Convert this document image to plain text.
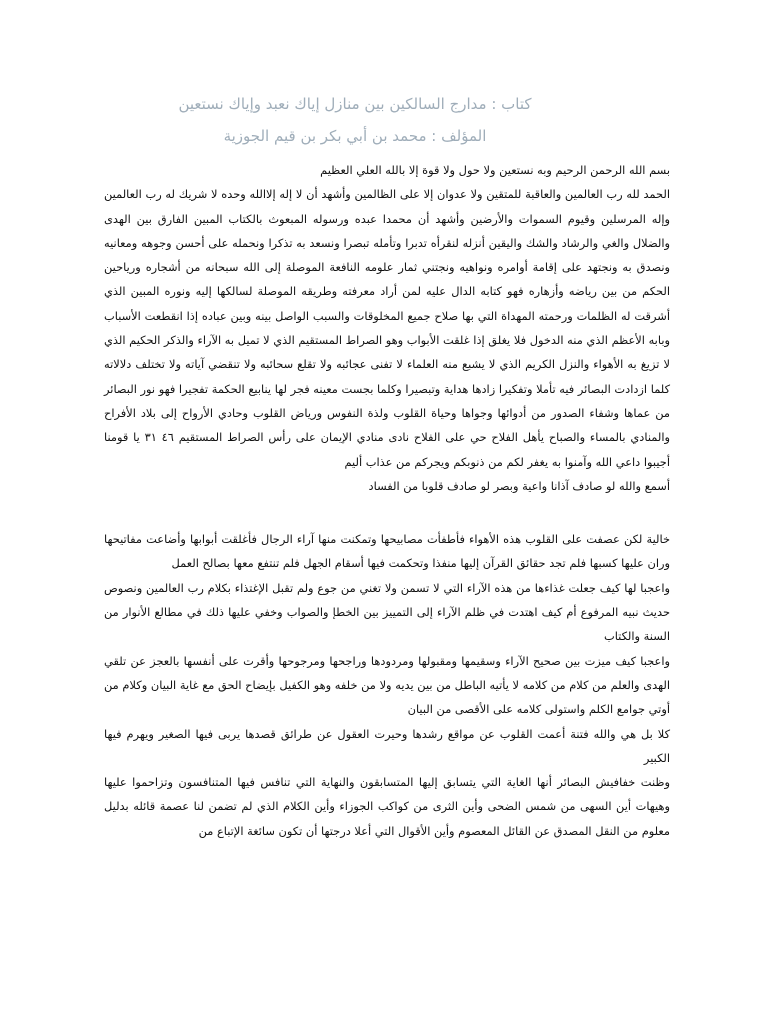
كتاب : مدارج السالكين بين منازل إياك نعبد وإياك نستعين
المؤلف : محمد بن أبي بكر بن قيم الجوزية

بسم الله الرحمن الرحيم وبه نستعين ولا حول ولا قوة إلا بالله العلي العظيم

الحمد لله رب العالمين والعاقبة للمتقين ولا عدوان إلا على الظالمين وأشهد أن لا إله إلاالله وحده لا شريك له رب العالمين وإله المرسلين وقيوم السموات والأرضين وأشهد أن محمدا عبده ورسوله المبعوث بالكتاب المبين الفارق بين الهدى والضلال والغي والرشاد والشك واليقين أنزله لنقرأه تدبرا وتأمله تبصرا ونسعد به تذكرا ونحمله على أحسن وجوهه ومعانيه ونصدق به ونجتهد على إقامة أوامره ونواهيه ونجتني ثمار علومه النافعة الموصلة إلى الله سبحانه من أشجاره ورياحين الحكم من بين رياضه وأزهاره فهو كتابه الدال عليه لمن أراد معرفته وطريقه الموصلة لسالكها إليه ونوره المبين الذي أشرقت له الظلمات ورحمته المهداة التي بها صلاح جميع المخلوقات والسبب الواصل بينه وبين عباده إذا انقطعت الأسباب وبابه الأعظم الذي منه الدخول فلا يغلق إذا غلقت الأبواب وهو الصراط المستقيم الذي لا تميل به الآراء والذكر الحكيم الذي لا تزيغ به الأهواء والنزل الكريم الذي لا يشبع منه العلماء لا تفنى عجائبه ولا تقلع سحائبه ولا تنقضي آياته ولا تختلف دلالاته كلما ازدادت البصائر فيه تأملا وتفكيرا زادها هداية وتبصيرا وكلما بجست معينه فجر لها ينابيع الحكمة تفجيرا فهو نور البصائر من عماها وشفاء الصدور من أدوائها وجواها وحياة القلوب ولذة النفوس ورياض القلوب وحادي الأرواح إلى بلاد الأفراح والمنادي بالمساء والصباح يأهل الفلاح حي على الفلاح نادى منادي الإيمان على رأس الصراط المستقيم ٤٦ ٣١ يا قومنا أجيبوا داعي الله وآمنوا به يغفر لكم من ذنوبكم ويجركم من عذاب أليم

أسمع والله لو صادف آذانا واعية وبصر لو صادف قلوبا من الفساد

خالية لكن عصفت على القلوب هذه الأهواء فأطفأت مصابيحها وتمكنت منها آراء الرجال فأغلقت أبوابها وأضاعت مفاتيحها وران عليها كسبها فلم تجد حقائق القرآن إليها منفذا وتحكمت فيها أسقام الجهل فلم تنتفع معها بصالح العمل

واعجبا لها كيف جعلت غذاءها من هذه الآراء التي لا تسمن ولا تغني من جوع ولم تقبل الإغتذاء بكلام رب العالمين ونصوص حديث نبيه المرفوع أم كيف اهتدت في ظلم الآراء إلى التمييز بين الخطإ والصواب وخفي عليها ذلك في مطالع الأنوار من السنة والكتاب

واعجبا كيف ميزت بين صحيح الآراء وسقيمها ومقبولها ومردودها وراجحها ومرجوحها وأقرت على أنفسها بالعجز عن تلقي الهدى والعلم من كلام من كلامه لا يأتيه الباطل من بين يديه ولا من خلفه وهو الكفيل بإيضاح الحق مع غاية البيان وكلام من أوتي جوامع الكلم واستولى كلامه على الأقصى من البيان

كلا بل هي والله فتنة أعمت القلوب عن مواقع رشدها وحيرت العقول عن طرائق قصدها يربى فيها الصغير ويهرم فيها الكبير

وظنت خفافيش البصائر أنها الغاية التي يتسابق إليها المتسابقون والنهاية التي تنافس فيها المتنافسون وتزاحموا عليها وهيهات أين السهى من شمس الضحى وأين الثرى من كواكب الجوزاء وأين الكلام الذي لم تضمن لنا عصمة قائله بدليل معلوم من النقل المصدق عن القائل المعصوم وأين الأقوال التي أعلا درجتها أن تكون سائغة الإتباع من
